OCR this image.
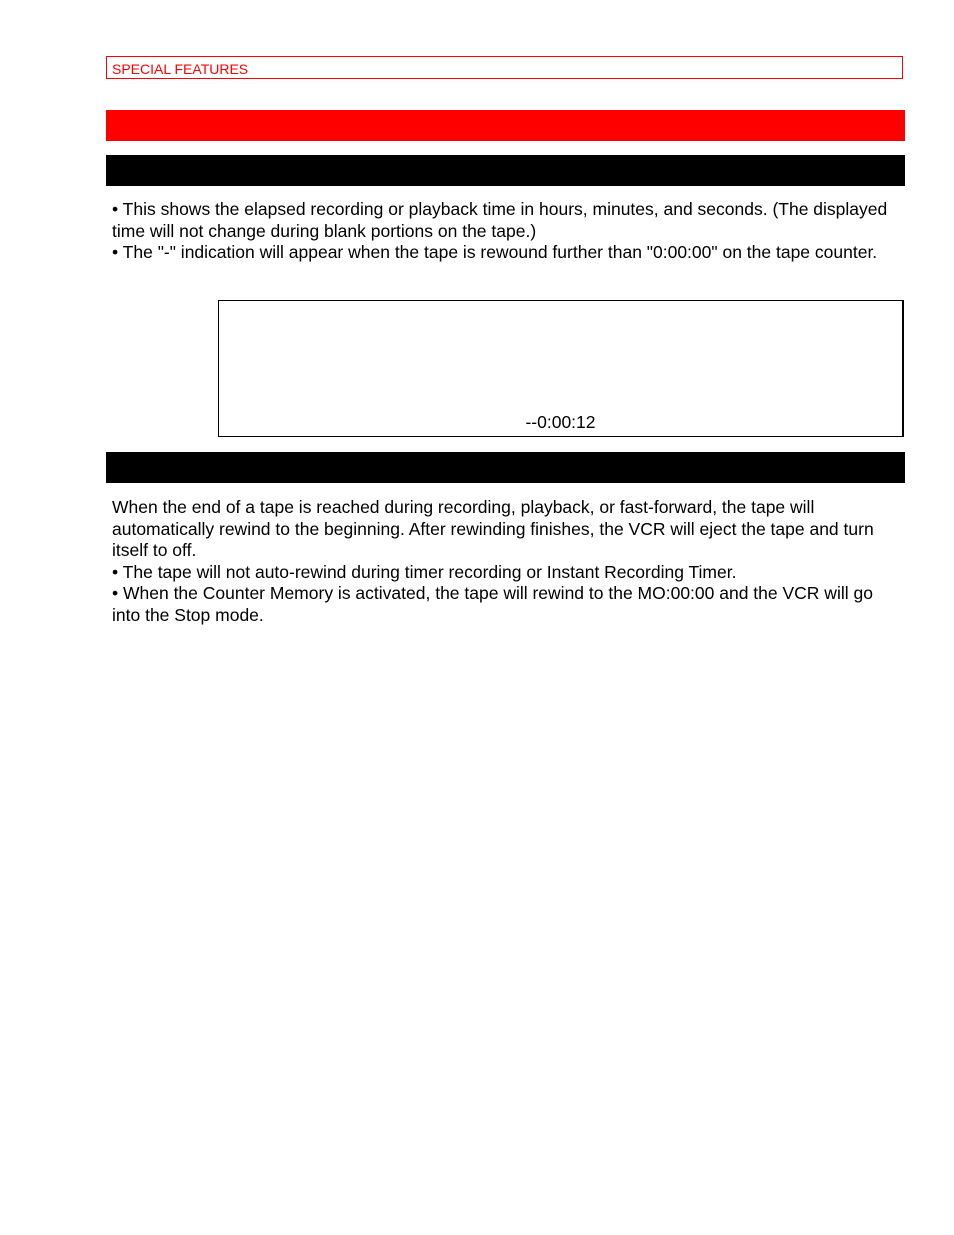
SPECIAL FEATURES

• This shows the elapsed recording or playback time in hours, minutes, and seconds. (The displayed time will not change during blank portions on the tape.)

• The "-" indication will appear when the tape is rewound further than "0:00:00" on the tape counter.

--0:00:12

When the end of a tape is reached during recording, playback, or fast-forward, the tape will automatically rewind to the beginning. After rewinding finishes, the VCR will eject the tape and turn itself to off.

• The tape will not auto-rewind during timer recording or Instant Recording Timer.

• When the Counter Memory is activated, the tape will rewind to the MO:00:00 and the VCR will go into the Stop mode.
